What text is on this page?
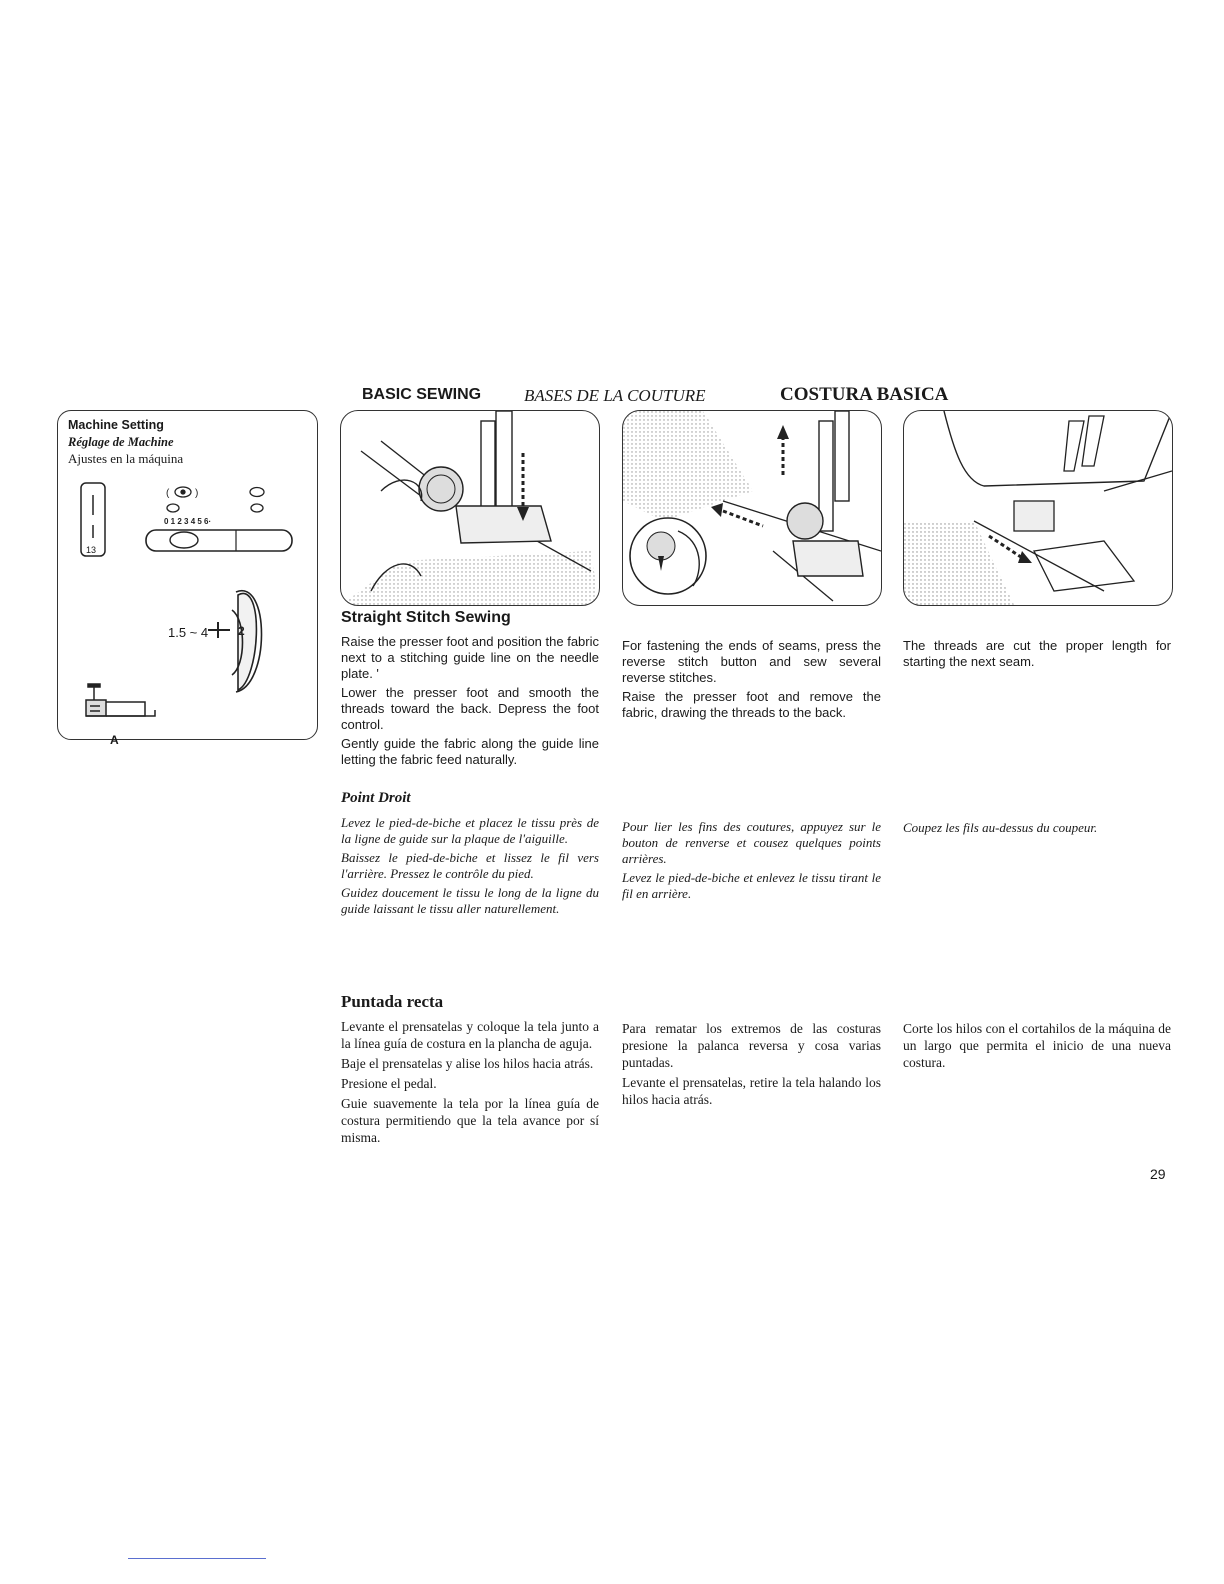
BASIC SEWING	BASES DE LA COUTURE	COSTURA BASICA
Machine Setting
Réglage de Machine
Ajustes en la máquina
(	)
0 1 2 3 4 5 6·
2
13
1.5 ~ 4
A
Straight Stitch Sewing

Raise the presser foot and position the fabric next to a stitching guide line on the needle plate. '

Lower the presser foot and smooth the threads toward the back. Depress the foot control.

Gently guide the fabric along the guide line letting the fabric feed naturally.

Point Droit

Levez le pied-de-biche et placez le tissu près de la ligne de guide sur la plaque de l'aiguille.

Baissez le pied-de-biche et lissez le fil vers l'arrière. Pressez le contrôle du pied.

Guidez doucement le tissu le long de la ligne du guide laissant le tissu aller naturellement.

Puntada recta

Levante el prensatelas y coloque la tela junto a la línea guía de costura en la plancha de aguja.

Baje el prensatelas y alise los hilos hacia atrás.

Presione el pedal.

Guie suavemente la tela por la línea guía de costura permitiendo que la tela avance por sí misma.

For fastening the ends of seams, press the reverse stitch button and sew several reverse stitches.

Raise the presser foot and remove the fabric, drawing the threads to the back.

Pour lier les fins des coutures, appuyez sur le bouton de renverse et cousez quelques points arrières.

Levez le pied-de-biche et enlevez le tissu tirant le fil en arrière.

Para rematar los extremos de las costuras presione la palanca reversa y cosa varias puntadas.

Levante el prensatelas, retire la tela halando los hilos hacia atrás.

The threads are cut the proper length for starting the next seam.

Coupez les fils au-dessus du coupeur.

Corte los hilos con el cortahilos de la máquina de un largo que permita el inicio de una nueva costura.

29
